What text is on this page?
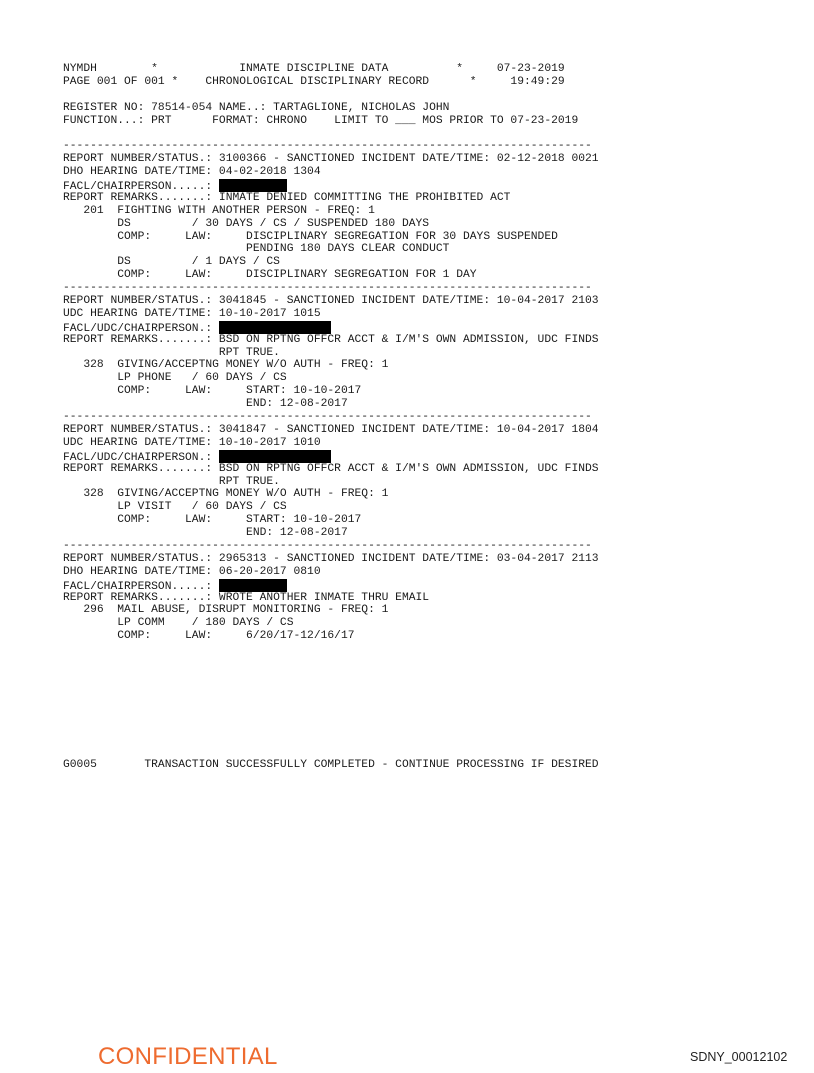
NYMDH        *            INMATE DISCIPLINE DATA          *     07-23-2019
PAGE 001 OF 001 *    CHRONOLOGICAL DISCIPLINARY RECORD      *     19:49:29
REGISTER NO: 78514-054 NAME..: TARTAGLIONE, NICHOLAS JOHN
FUNCTION...: PRT      FORMAT: CHRONO    LIMIT TO ___ MOS PRIOR TO 07-23-2019
------------------------------------------------------------------------------
REPORT NUMBER/STATUS.: 3100366 - SANCTIONED INCIDENT DATE/TIME: 02-12-2018 0021
DHO HEARING DATE/TIME: 04-02-2018 1304
FACL/CHAIRPERSON.....:
REPORT REMARKS.......: INMATE DENIED COMMITTING THE PROHIBITED ACT
201  FIGHTING WITH ANOTHER PERSON - FREQ: 1
DS         / 30 DAYS / CS / SUSPENDED 180 DAYS
COMP:     LAW:     DISCIPLINARY SEGREGATION FOR 30 DAYS SUSPENDED
PENDING 180 DAYS CLEAR CONDUCT
DS         / 1 DAYS / CS
COMP:     LAW:     DISCIPLINARY SEGREGATION FOR 1 DAY
------------------------------------------------------------------------------
REPORT NUMBER/STATUS.: 3041845 - SANCTIONED INCIDENT DATE/TIME: 10-04-2017 2103
UDC HEARING DATE/TIME: 10-10-2017 1015
FACL/UDC/CHAIRPERSON.:
REPORT REMARKS.......: BSD ON RPTNG OFFCR ACCT & I/M'S OWN ADMISSION, UDC FINDS
RPT TRUE.
328  GIVING/ACCEPTNG MONEY W/O AUTH - FREQ: 1
LP PHONE   / 60 DAYS / CS
COMP:     LAW:     START: 10-10-2017
END: 12-08-2017
------------------------------------------------------------------------------
REPORT NUMBER/STATUS.: 3041847 - SANCTIONED INCIDENT DATE/TIME: 10-04-2017 1804
UDC HEARING DATE/TIME: 10-10-2017 1010
FACL/UDC/CHAIRPERSON.:
REPORT REMARKS.......: BSD ON RPTNG OFFCR ACCT & I/M'S OWN ADMISSION, UDC FINDS
RPT TRUE.
328  GIVING/ACCEPTNG MONEY W/O AUTH - FREQ: 1
LP VISIT   / 60 DAYS / CS
COMP:     LAW:     START: 10-10-2017
END: 12-08-2017
------------------------------------------------------------------------------
REPORT NUMBER/STATUS.: 2965313 - SANCTIONED INCIDENT DATE/TIME: 03-04-2017 2113
DHO HEARING DATE/TIME: 06-20-2017 0810
FACL/CHAIRPERSON.....:
REPORT REMARKS.......: WROTE ANOTHER INMATE THRU EMAIL
296  MAIL ABUSE, DISRUPT MONITORING - FREQ: 1
LP COMM    / 180 DAYS / CS
COMP:     LAW:     6/20/17-12/16/17
G0005       TRANSACTION SUCCESSFULLY COMPLETED - CONTINUE PROCESSING IF DESIRED
CONFIDENTIAL	SDNY_00012102
